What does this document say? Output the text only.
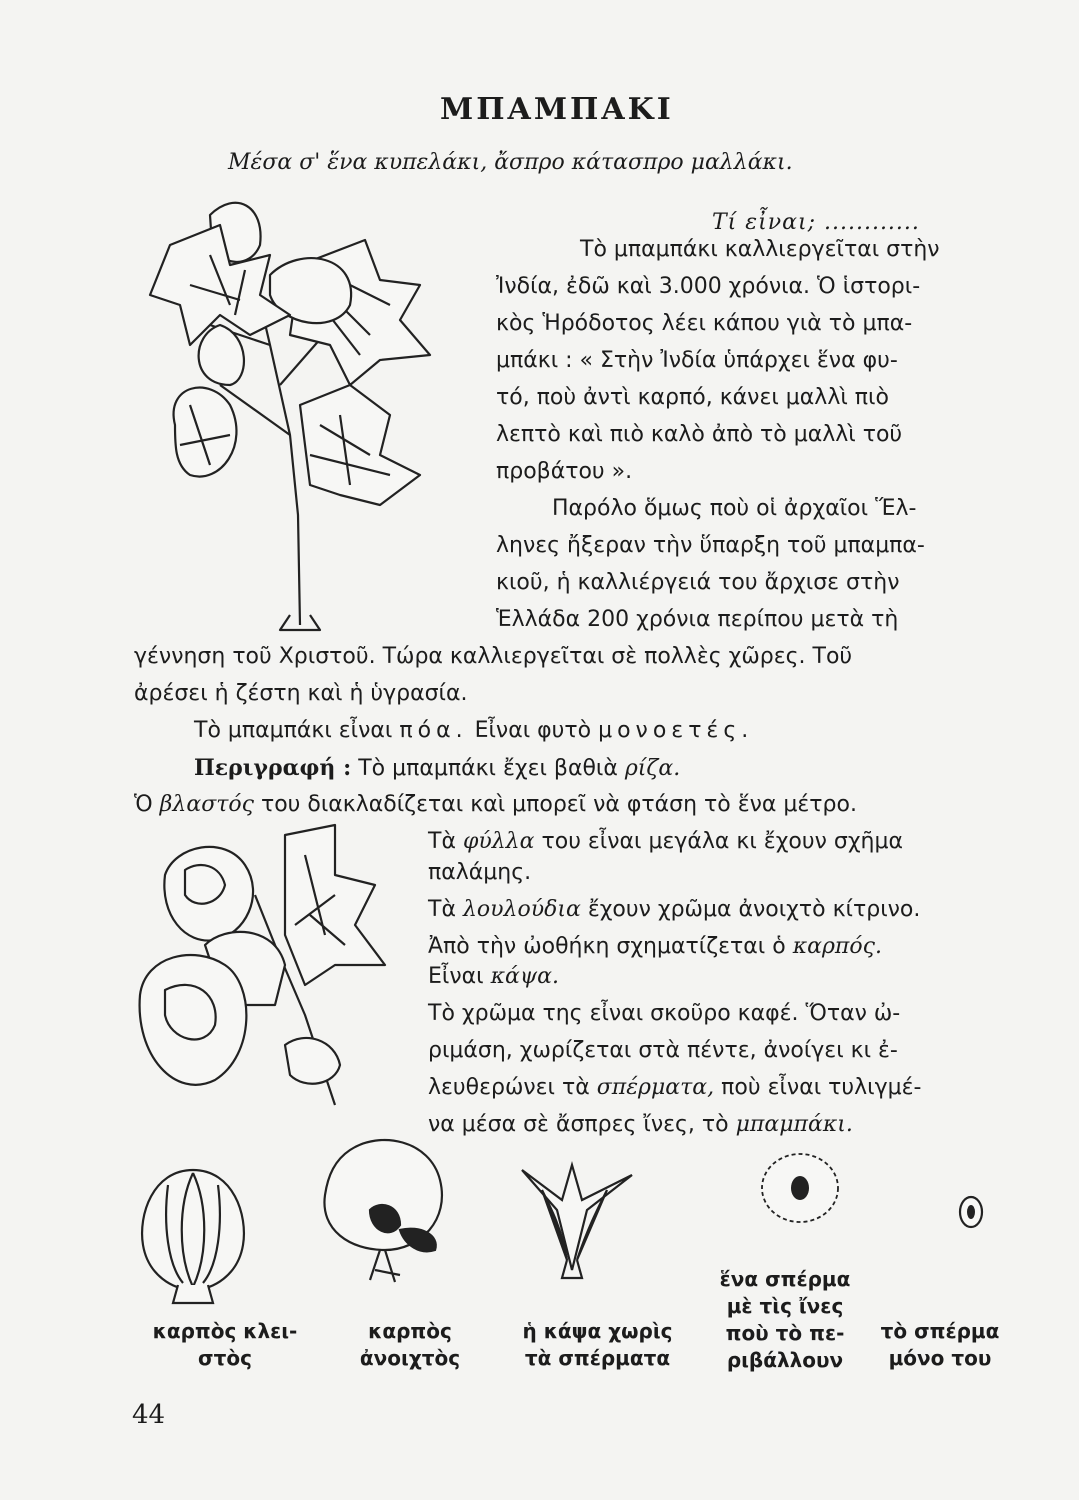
ΜΠΑΜΠΑΚΙ
Μέσα σ' ἕνα κυπελάκι, ἄσπρο κάτασπρο μαλλάκι.
Τί εἶναι; ............
Τὸ μπαμπάκι καλλιεργεῖται στὴν
Ἰνδία, ἐδῶ καὶ 3.000 χρόνια. Ὁ ἱστορι-
κὸς Ἡρόδοτος λέει κάπου γιὰ τὸ μπα-
μπάκι : « Στὴν Ἰνδία ὑπάρχει ἕνα φυ-
τό, ποὺ ἀντὶ καρπό, κάνει μαλλὶ πιὸ
λεπτὸ καὶ πιὸ καλὸ ἀπὸ τὸ μαλλὶ τοῦ
προβάτου ».
Παρόλο ὅμως ποὺ οἱ ἀρχαῖοι Ἕλ-
ληνες ἤξεραν τὴν ὕπαρξη τοῦ μπαμπα-
κιοῦ, ἡ καλλιέργειά του ἄρχισε στὴν
Ἑλλάδα 200 χρόνια περίπου μετὰ τὴ
γέννηση τοῦ Χριστοῦ. Τώρα καλλιεργεῖται σὲ πολλὲς χῶρες. Τοῦ
ἀρέσει ἡ ζέστη καὶ ἡ ὑγρασία.
Τὸ μπαμπάκι εἶναι πόα. Εἶναι φυτὸ μονοετές.
Περιγραφή : Τὸ μπαμπάκι ἔχει βαθιὰ ρίζα.
Ὁ βλαστός του διακλαδίζεται καὶ μπορεῖ νὰ φτάση τὸ ἕνα μέτρο.
Τὰ φύλλα του εἶναι μεγάλα κι ἔχουν σχῆμα
παλάμης.
Τὰ λουλούδια ἔχουν χρῶμα ἀνοιχτὸ κίτρινο.
Ἀπὸ τὴν ὠοθήκη σχηματίζεται ὁ καρπός.
Εἶναι κάψα.
Τὸ χρῶμα της εἶναι σκοῦρο καφέ. Ὅταν ὠ-
ριμάση, χωρίζεται στὰ πέντε, ἀνοίγει κι ἐ-
λευθερώνει τὰ σπέρματα, ποὺ εἶναι τυλιγμέ-
να μέσα σὲ ἄσπρες ἴνες, τὸ μπαμπάκι.
καρπὸς κλει-
στὸς
καρπὸς
ἀνοιχτὸς
ἡ κάψα χωρὶς
τὰ σπέρματα
ἕνα σπέρμα
μὲ τὶς ἴνες
ποὺ τὸ πε-
ριβάλλουν
τὸ σπέρμα
μόνο του
44
